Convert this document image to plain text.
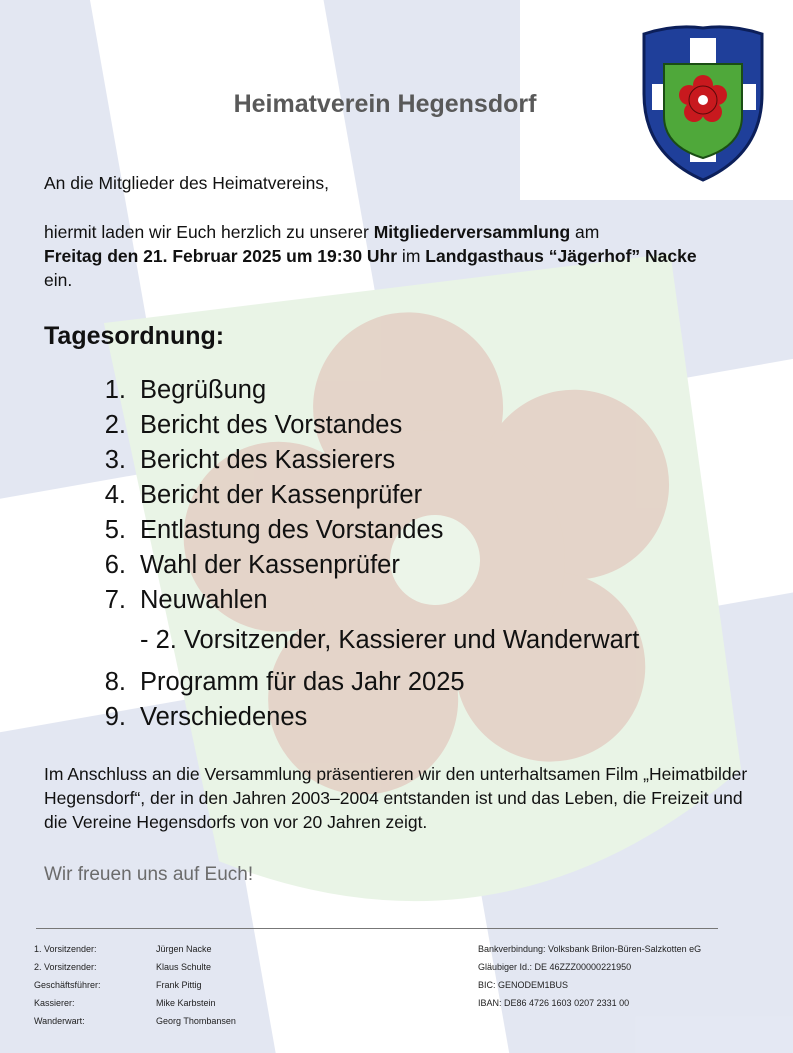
Heimatverein Hegensdorf
An die Mitglieder des Heimatvereins,
hiermit laden wir Euch herzlich zu unserer Mitgliederversammlung am
Freitag den 21. Februar 2025 um 19:30 Uhr im Landgasthaus “Jägerhof” Nacke
ein.
Tagesordnung:
1. Begrüßung
2. Bericht des Vorstandes
3. Bericht des Kassierers
4. Bericht der Kassenprüfer
5. Entlastung des Vorstandes
6. Wahl der Kassenprüfer
7. Neuwahlen
- 2. Vorsitzender, Kassierer und Wanderwart
8. Programm für das Jahr 2025
9. Verschiedenes
Im Anschluss an die Versammlung präsentieren wir den unterhaltsamen Film „Heimatbilder Hegensdorf“, der in den Jahren 2003–2004 entstanden ist und das Leben, die Freizeit und die Vereine Hegensdorfs von vor 20 Jahren zeigt.
Wir freuen uns auf Euch!
1. Vorsitzender:
2. Vorsitzender:
Geschäftsführer:
Kassierer:
Wanderwart:
Jürgen Nacke
Klaus Schulte
Frank Pittig
Mike Karbstein
Georg Thombansen
Bankverbindung: Volksbank Brilon-Büren-Salzkotten eG
Gläubiger Id.: DE 46ZZZ00000221950
BIC: GENODEM1BUS
IBAN: DE86 4726 1603 0207 2331 00
